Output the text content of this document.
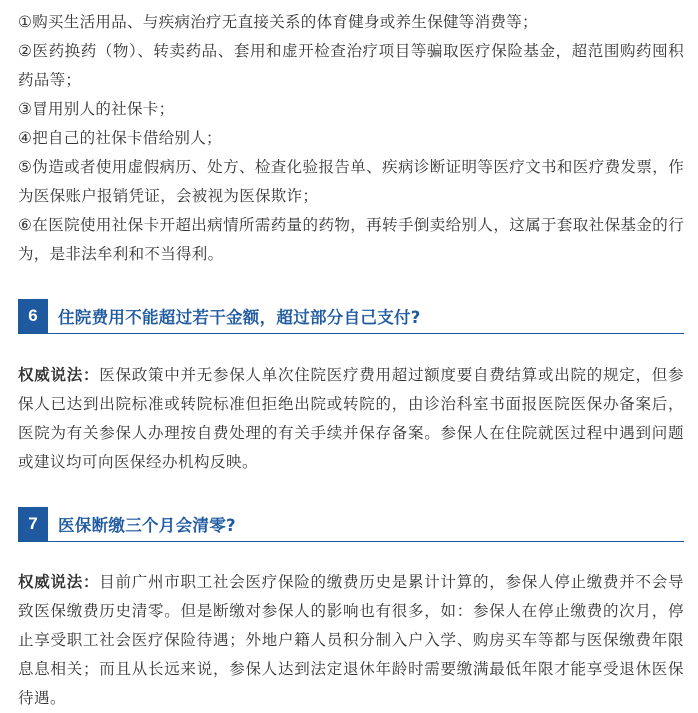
①购买生活用品、与疾病治疗无直接关系的体育健身或养生保健等消费等；

②医药换药（物）、转卖药品、套用和虚开检查治疗项目等骗取医疗保险基金，超范围购药囤积药品等；

③冒用别人的社保卡；

④把自己的社保卡借给别人；

⑤伪造或者使用虚假病历、处方、检查化验报告单、疾病诊断证明等医疗文书和医疗费发票，作为医保账户报销凭证，会被视为医保欺诈；

⑥在医院使用社保卡开超出病情所需药量的药物，再转手倒卖给别人，这属于套取社保基金的行为，是非法牟利和不当得利。

6	住院费用不能超过若干金额，超过部分自己支付?

权威说法：医保政策中并无参保人单次住院医疗费用超过额度要自费结算或出院的规定，但参保人已达到出院标准或转院标准但拒绝出院或转院的，由诊治科室书面报医院医保办备案后，医院为有关参保人办理按自费处理的有关手续并保存备案。参保人在住院就医过程中遇到问题或建议均可向医保经办机构反映。

7	医保断缴三个月会清零?

权威说法：目前广州市职工社会医疗保险的缴费历史是累计计算的，参保人停止缴费并不会导致医保缴费历史清零。但是断缴对参保人的影响也有很多，如：参保人在停止缴费的次月，停止享受职工社会医疗保险待遇；外地户籍人员积分制入户入学、购房买车等都与医保缴费年限息息相关；而且从长远来说，参保人达到法定退休年龄时需要缴满最低年限才能享受退休医保待遇。
